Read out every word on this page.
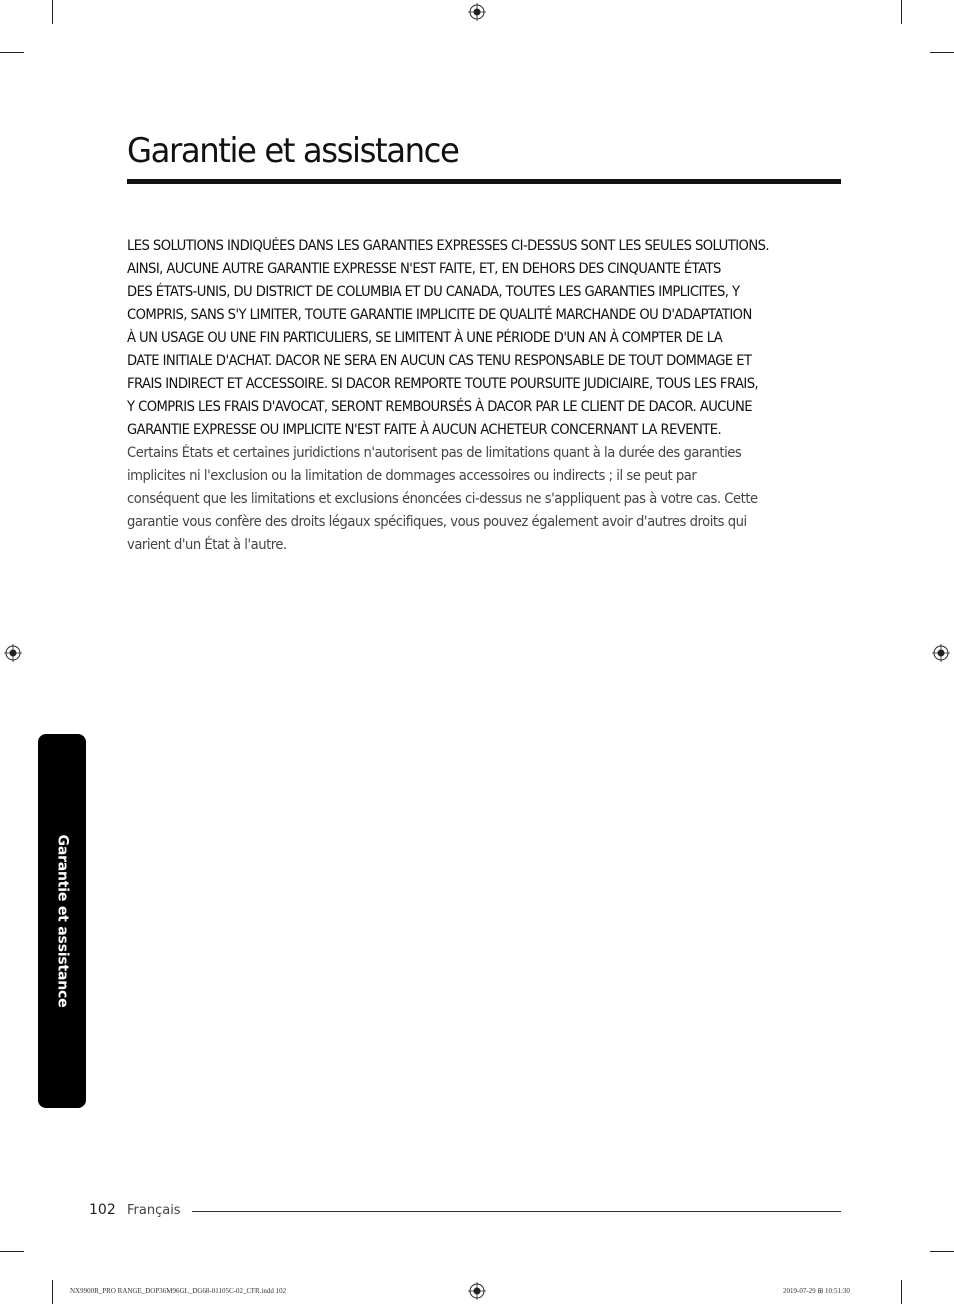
Garantie et assistance

LES SOLUTIONS INDIQUÉES DANS LES GARANTIES EXPRESSES CI-DESSUS SONT LES SEULES SOLUTIONS.
AINSI, AUCUNE AUTRE GARANTIE EXPRESSE N'EST FAITE, ET, EN DEHORS DES CINQUANTE ÉTATS
DES ÉTATS-UNIS, DU DISTRICT DE COLUMBIA ET DU CANADA, TOUTES LES GARANTIES IMPLICITES, Y
COMPRIS, SANS S'Y LIMITER, TOUTE GARANTIE IMPLICITE DE QUALITÉ MARCHANDE OU D'ADAPTATION
À UN USAGE OU UNE FIN PARTICULIERS, SE LIMITENT À UNE PÉRIODE D'UN AN À COMPTER DE LA
DATE INITIALE D'ACHAT. DACOR NE SERA EN AUCUN CAS TENU RESPONSABLE DE TOUT DOMMAGE ET
FRAIS INDIRECT ET ACCESSOIRE. SI DACOR REMPORTE TOUTE POURSUITE JUDICIAIRE, TOUS LES FRAIS,
Y COMPRIS LES FRAIS D'AVOCAT, SERONT REMBOURSÉS À DACOR PAR LE CLIENT DE DACOR. AUCUNE
GARANTIE EXPRESSE OU IMPLICITE N'EST FAITE À AUCUN ACHETEUR CONCERNANT LA REVENTE.

Certains États et certaines juridictions n'autorisent pas de limitations quant à la durée des garanties
implicites ni l'exclusion ou la limitation de dommages accessoires ou indirects ; il se peut par
conséquent que les limitations et exclusions énoncées ci-dessus ne s'appliquent pas à votre cas. Cette
garantie vous confère des droits légaux spécifiques, vous pouvez également avoir d'autres droits qui
varient d'un État à l'autre.

Garantie et assistance
102 Français
NX9900R_PRO RANGE_DOP36M96GL_DG68-01105C-02_CFR.indd 102	2019-07-29 ⊞ 10:51:30
